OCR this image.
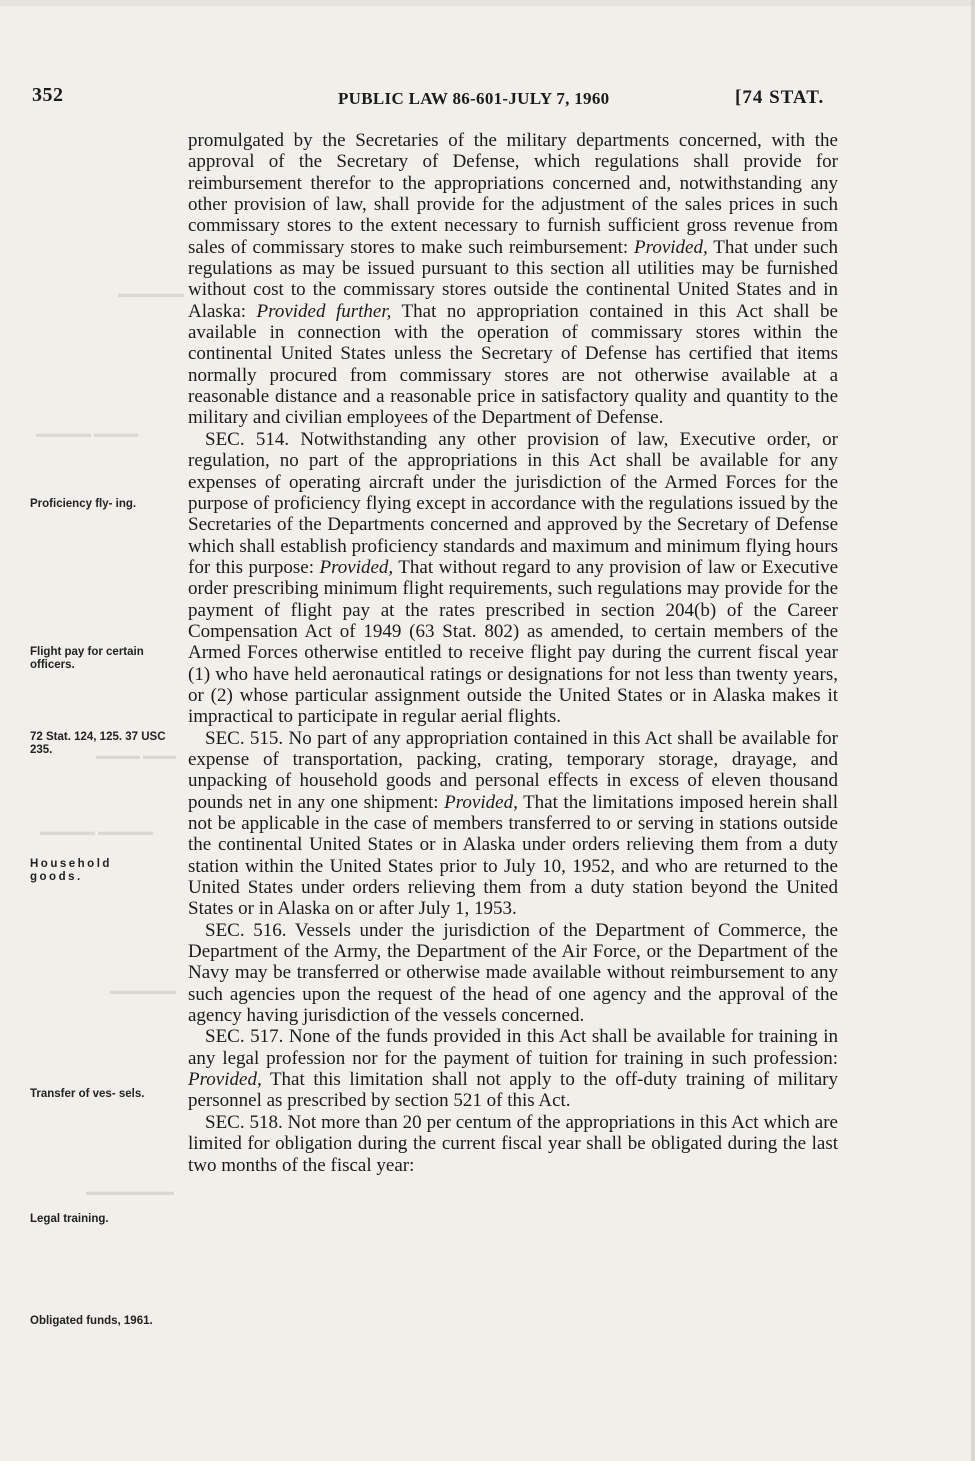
▬▬▬▬▬▬
▬▬▬▬▬ ▬▬▬▬
▬▬▬▬ ▬▬▬
▬▬▬▬▬ ▬▬▬▬▬
▬▬▬▬▬▬
▬▬▬▬▬▬▬▬
352	PUBLIC LAW 86-601-JULY 7, 1960	[74 STAT.
Proficiency fly- ing.
Flight pay for certain officers.
72 Stat. 124, 125. 37 USC 235.
Household goods.
Transfer of ves- sels.
Legal training.
Obligated funds, 1961.

promulgated by the Secretaries of the military departments concerned, with the approval of the Secretary of Defense, which regulations shall provide for reimbursement therefor to the appropriations concerned and, notwithstanding any other provision of law, shall provide for the adjustment of the sales prices in such commissary stores to the extent necessary to furnish sufficient gross revenue from sales of commissary stores to make such reimbursement: Provided, That under such regulations as may be issued pursuant to this section all utilities may be furnished without cost to the commissary stores outside the continental United States and in Alaska: Provided further, That no appropriation contained in this Act shall be available in connection with the operation of commissary stores within the continental United States unless the Secretary of Defense has certified that items normally procured from commissary stores are not otherwise available at a reasonable distance and a reasonable price in satisfactory quality and quantity to the military and civilian employees of the Department of Defense.

SEC. 514. Notwithstanding any other provision of law, Executive order, or regulation, no part of the appropriations in this Act shall be available for any expenses of operating aircraft under the jurisdiction of the Armed Forces for the purpose of proficiency flying except in accordance with the regulations issued by the Secretaries of the Departments concerned and approved by the Secretary of Defense which shall establish proficiency standards and maximum and minimum flying hours for this purpose: Provided, That without regard to any provision of law or Executive order prescribing minimum flight requirements, such regulations may provide for the payment of flight pay at the rates prescribed in section 204(b) of the Career Compensation Act of 1949 (63 Stat. 802) as amended, to certain members of the Armed Forces otherwise entitled to receive flight pay during the current fiscal year (1) who have held aeronautical ratings or designations for not less than twenty years, or (2) whose particular assignment outside the United States or in Alaska makes it impractical to participate in regular aerial flights.

SEC. 515. No part of any appropriation contained in this Act shall be available for expense of transportation, packing, crating, temporary storage, drayage, and unpacking of household goods and personal effects in excess of eleven thousand pounds net in any one shipment: Provided, That the limitations imposed herein shall not be applicable in the case of members transferred to or serving in stations outside the continental United States or in Alaska under orders relieving them from a duty station within the United States prior to July 10, 1952, and who are returned to the United States under orders relieving them from a duty station beyond the United States or in Alaska on or after July 1, 1953.

SEC. 516. Vessels under the jurisdiction of the Department of Commerce, the Department of the Army, the Department of the Air Force, or the Department of the Navy may be transferred or otherwise made available without reimbursement to any such agencies upon the request of the head of one agency and the approval of the agency having jurisdiction of the vessels concerned.

SEC. 517. None of the funds provided in this Act shall be available for training in any legal profession nor for the payment of tuition for training in such profession: Provided, That this limitation shall not apply to the off-duty training of military personnel as prescribed by section 521 of this Act.

SEC. 518. Not more than 20 per centum of the appropriations in this Act which are limited for obligation during the current fiscal year shall be obligated during the last two months of the fiscal year:
